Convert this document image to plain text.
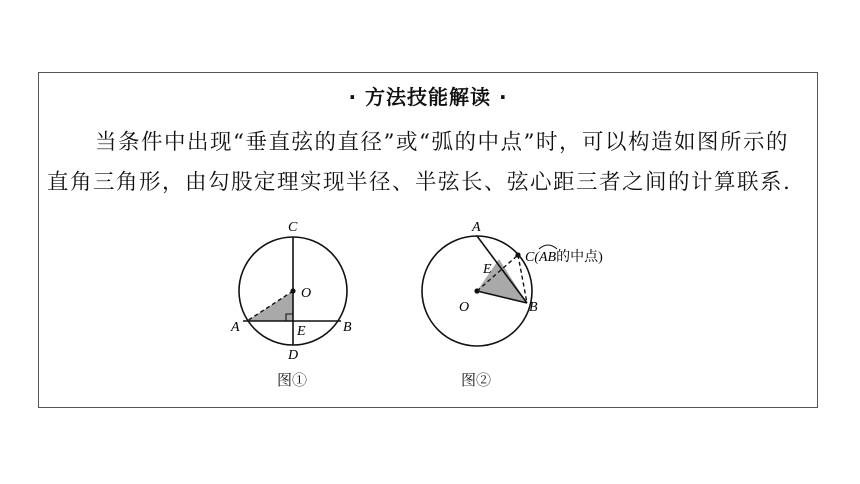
· 方法技能解读 ·

当条件中出现“垂直弦的直径”或“弧的中点”时，可以构造如图所示的直角三角形，由勾股定理实现半径、半弦长、弦心距三者之间的计算联系.

C
O
A	E	B
D
图①
A
E
O	B
C(AB的中点)
图②
